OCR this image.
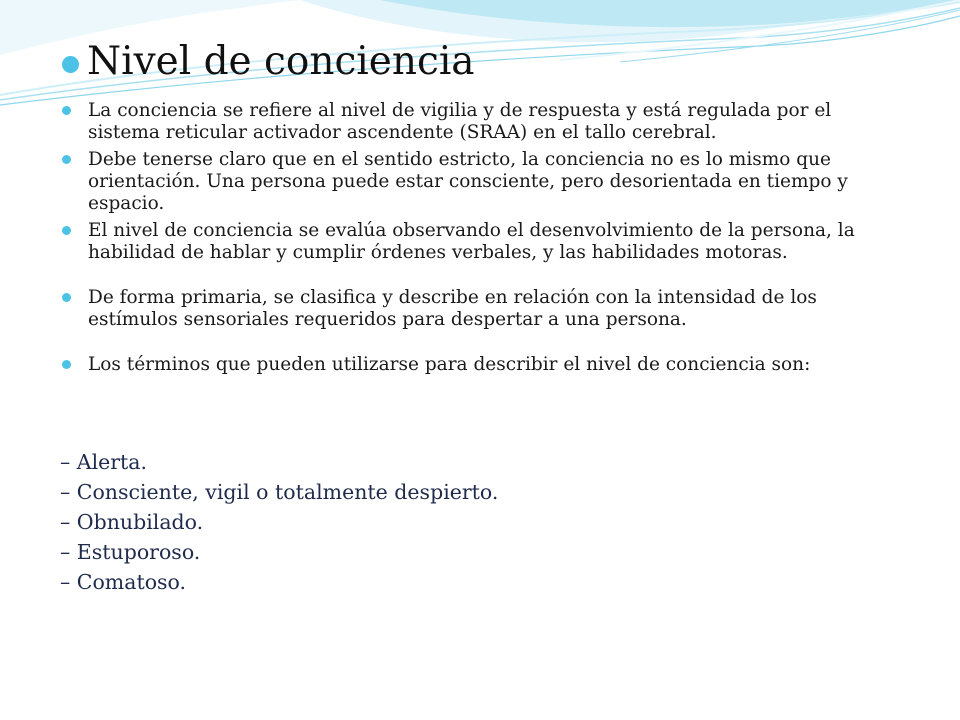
Nivel de conciencia
La conciencia se refiere al nivel de vigilia y de respuesta y está regulada por el sistema reticular activador ascendente (SRAA) en el tallo cerebral.
Debe tenerse claro que en el sentido estricto, la conciencia no es lo mismo que orientación. Una persona puede estar consciente, pero desorientada en tiempo y espacio.
El nivel de conciencia se evalúa observando el desenvolvimiento de la persona, la habilidad de hablar y cumplir órdenes verbales, y las habilidades motoras.
De forma primaria, se clasifica y describe en relación con la intensidad de los estímulos sensoriales requeridos para despertar a una persona.
Los términos que pueden utilizarse para describir el nivel de conciencia son:
– Alerta.
– Consciente, vigil o totalmente despierto.
– Obnubilado.
– Estuporoso.
– Comatoso.
